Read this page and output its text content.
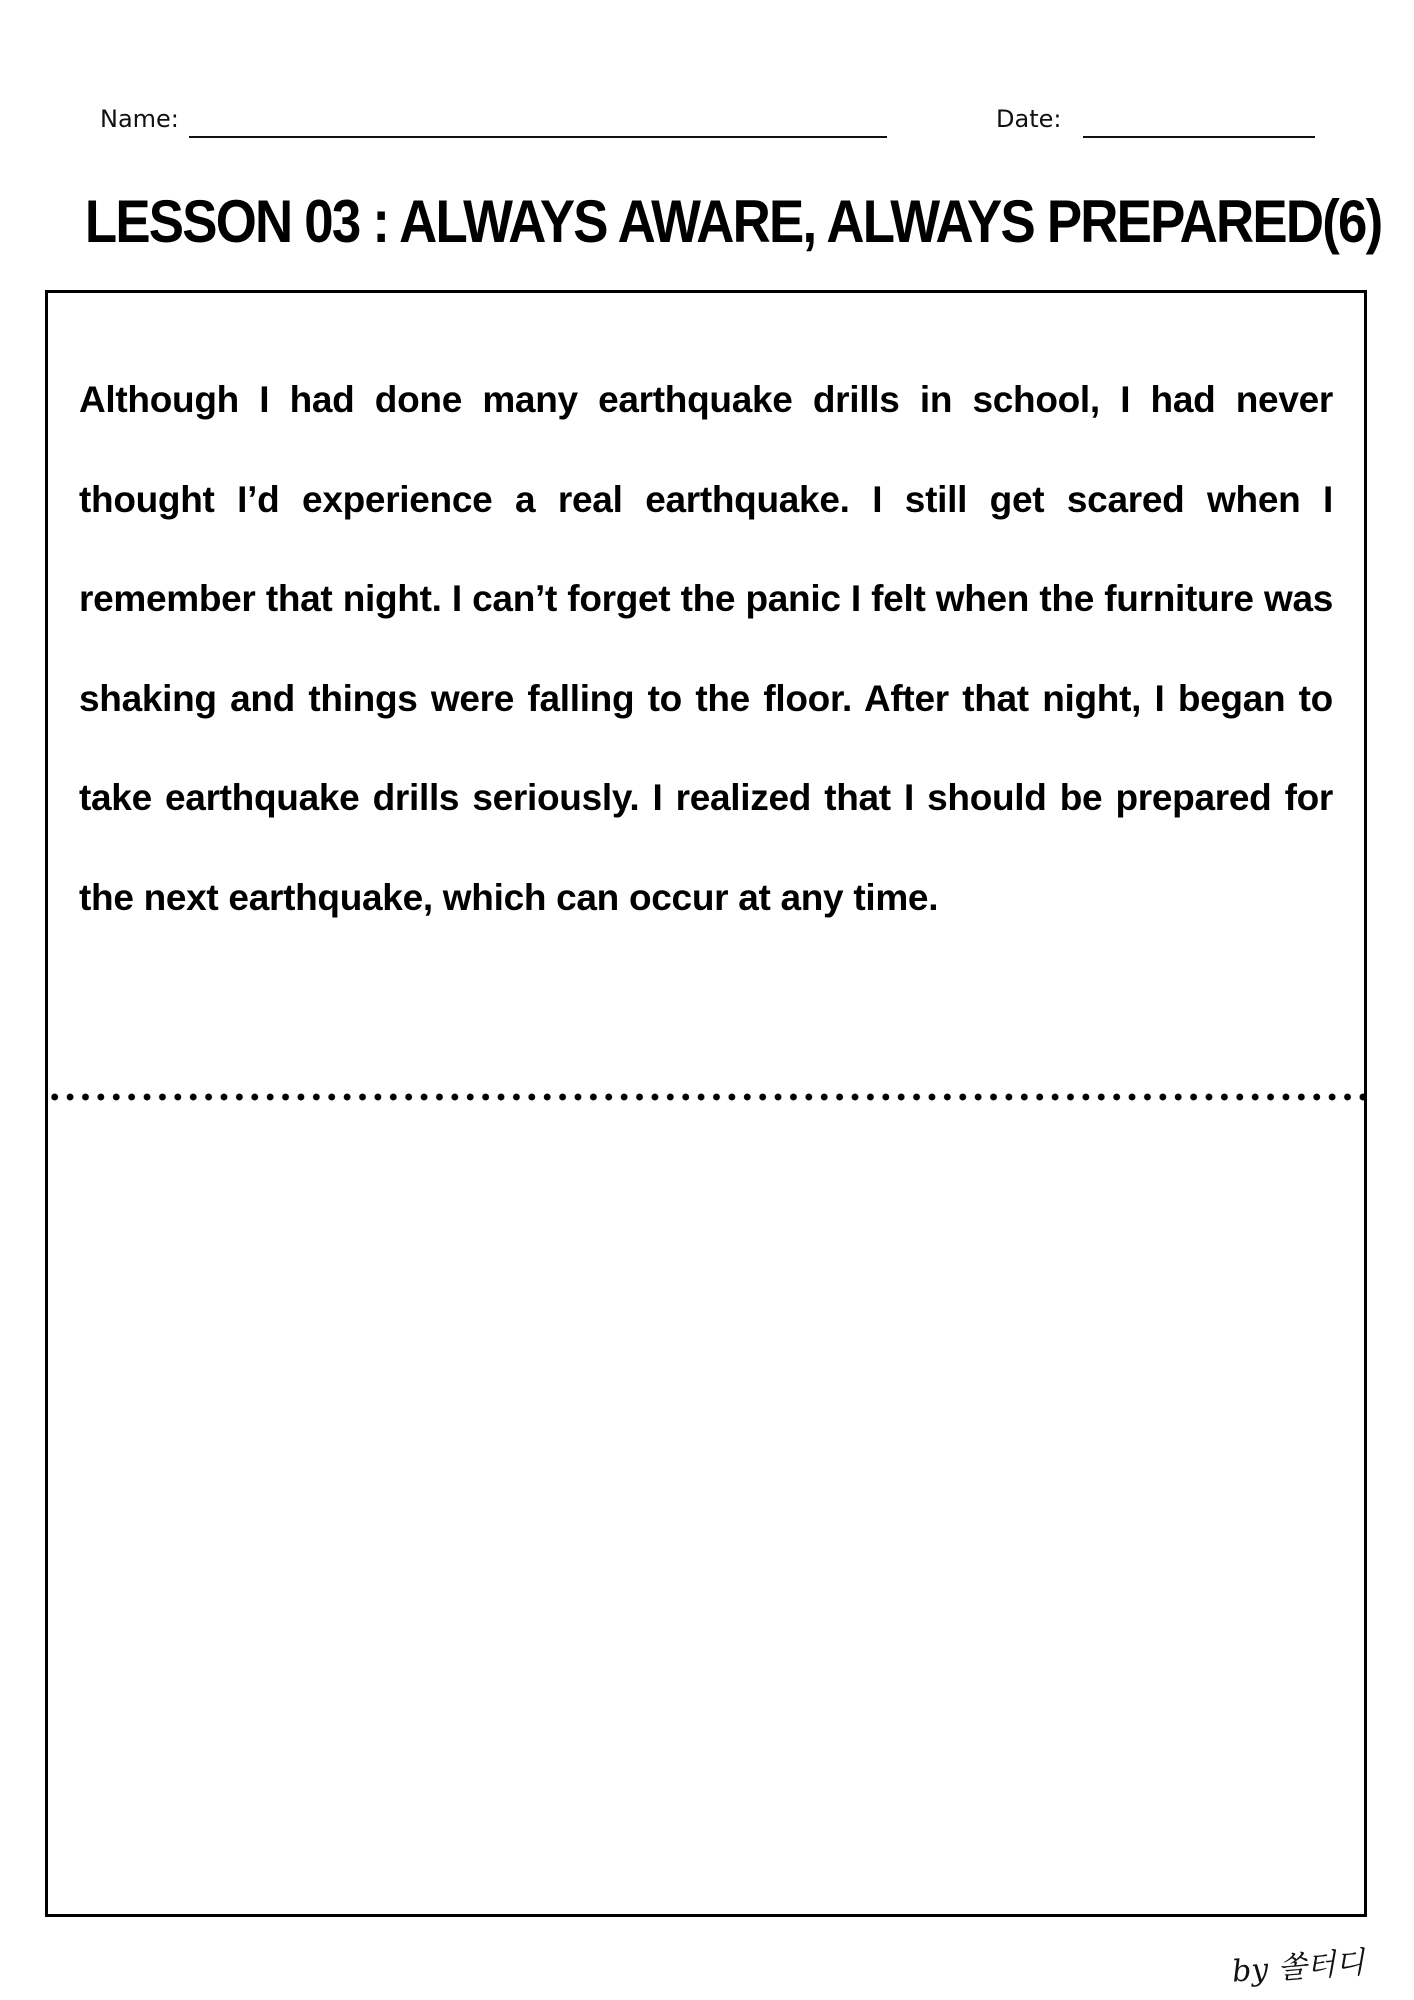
Name:	Date:
LESSON 03 : ALWAYS AWARE, ALWAYS PREPARED(6)

Although I had done many earthquake drills in school, I had never thought I’d experience a real earthquake. I still get scared when I remember that night. I can’t forget the panic I felt when the furniture was shaking and things were falling to the floor. After that night, I began to take earthquake drills seriously. I realized that I should be prepared for the next earthquake, which can occur at any time.

by 쏠터디
